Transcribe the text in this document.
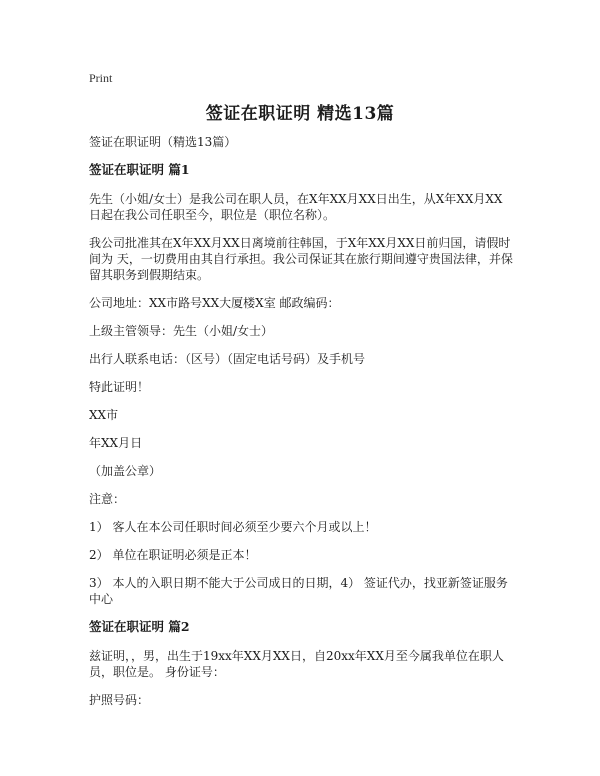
Print
签证在职证明 精选13篇
签证在职证明（精选13篇）
签证在职证明 篇1
先生（小姐/女士）是我公司在职人员，在X年XX月XX日出生，从X年XX月XX日起在我公司任职至今，职位是（职位名称）。
我公司批准其在X年XX月XX日离境前往韩国，于X年XX月XX日前归国，请假时间为 天，一切费用由其自行承担。我公司保证其在旅行期间遵守贵国法律，并保留其职务到假期结束。
公司地址：XX市路号XX大厦楼X室 邮政编码：
上级主管领导：先生（小姐/女士）
出行人联系电话：（区号）（固定电话号码）及手机号
特此证明！
XX市
年XX月日
（加盖公章）
注意：
1） 客人在本公司任职时间必须至少要六个月或以上！
2） 单位在职证明必须是正本！
3） 本人的入职日期不能大于公司成日的日期，4） 签证代办，找亚新签证服务中心
签证在职证明 篇2
兹证明，，男，出生于19xx年XX月XX日，自20xx年XX月至今属我单位在职人员，职位是。 身份证号：
护照号码：
